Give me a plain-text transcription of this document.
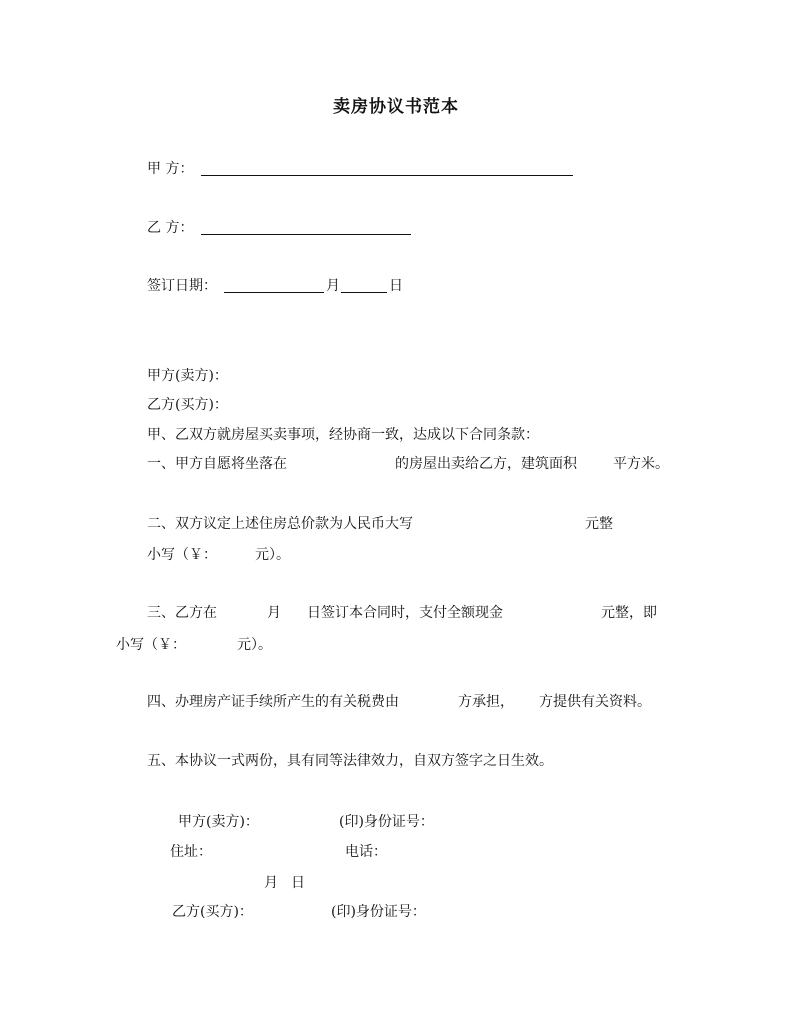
卖房协议书范本
甲 方：
乙 方：
签订日期：	月	日
甲方(卖方)：
乙方(买方)：
甲、乙双方就房屋买卖事项，经协商一致，达成以下合同条款：
一、甲方自愿将坐落在	的房屋出卖给乙方，建筑面积	平方米。
二、双方议定上述住房总价款为人民币大写	元整
小写（￥：	元）。
三、乙方在	月 日签订本合同时，支付全额现金	元整，即
小写（￥：	元）。
四、办理房产证手续所产生的有关税费由	方承担， 方提供有关资料。
五、本协议一式两份，具有同等法律效力，自双方签字之日生效。
甲方(卖方)：	(印)身份证号：
住址：	电话：
月 日
乙方(买方)：	(印)身份证号：
